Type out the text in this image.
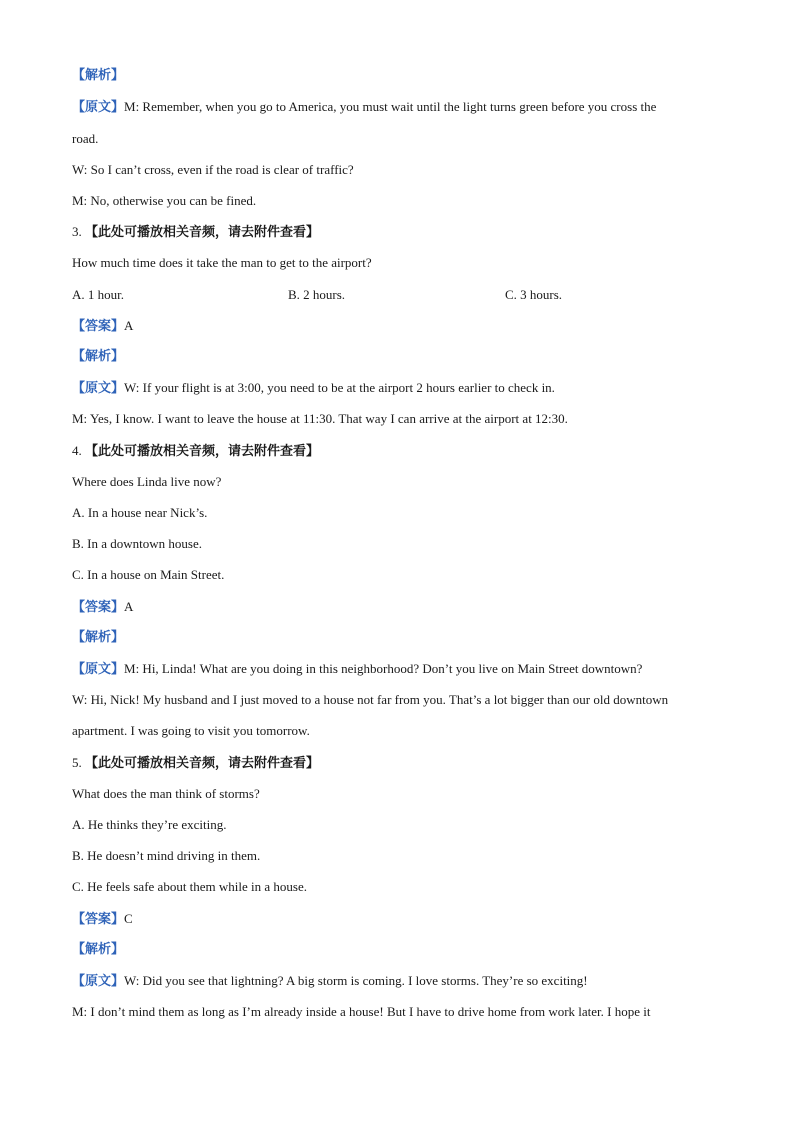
【解析】
【原文】M: Remember, when you go to America, you must wait until the light turns green before you cross the
road.
W: So I can’t cross, even if the road is clear of traffic?
M: No, otherwise you can be fined.
3. 【此处可播放相关音频，请去附件查看】
How much time does it take the man to get to the airport?
A. 1 hour.	B. 2 hours.	C. 3 hours.
【答案】A
【解析】
【原文】W: If your flight is at 3:00, you need to be at the airport 2 hours earlier to check in.
M: Yes, I know. I want to leave the house at 11:30. That way I can arrive at the airport at 12:30.
4. 【此处可播放相关音频，请去附件查看】
Where does Linda live now?
A. In a house near Nick’s.
B. In a downtown house.
C. In a house on Main Street.
【答案】A
【解析】
【原文】M: Hi, Linda! What are you doing in this neighborhood? Don’t you live on Main Street downtown?
W: Hi, Nick! My husband and I just moved to a house not far from you. That’s a lot bigger than our old downtown
apartment. I was going to visit you tomorrow.
5. 【此处可播放相关音频，请去附件查看】
What does the man think of storms?
A. He thinks they’re exciting.
B. He doesn’t mind driving in them.
C. He feels safe about them while in a house.
【答案】C
【解析】
【原文】W: Did you see that lightning? A big storm is coming. I love storms. They’re so exciting!
M: I don’t mind them as long as I’m already inside a house! But I have to drive home from work later. I hope it
